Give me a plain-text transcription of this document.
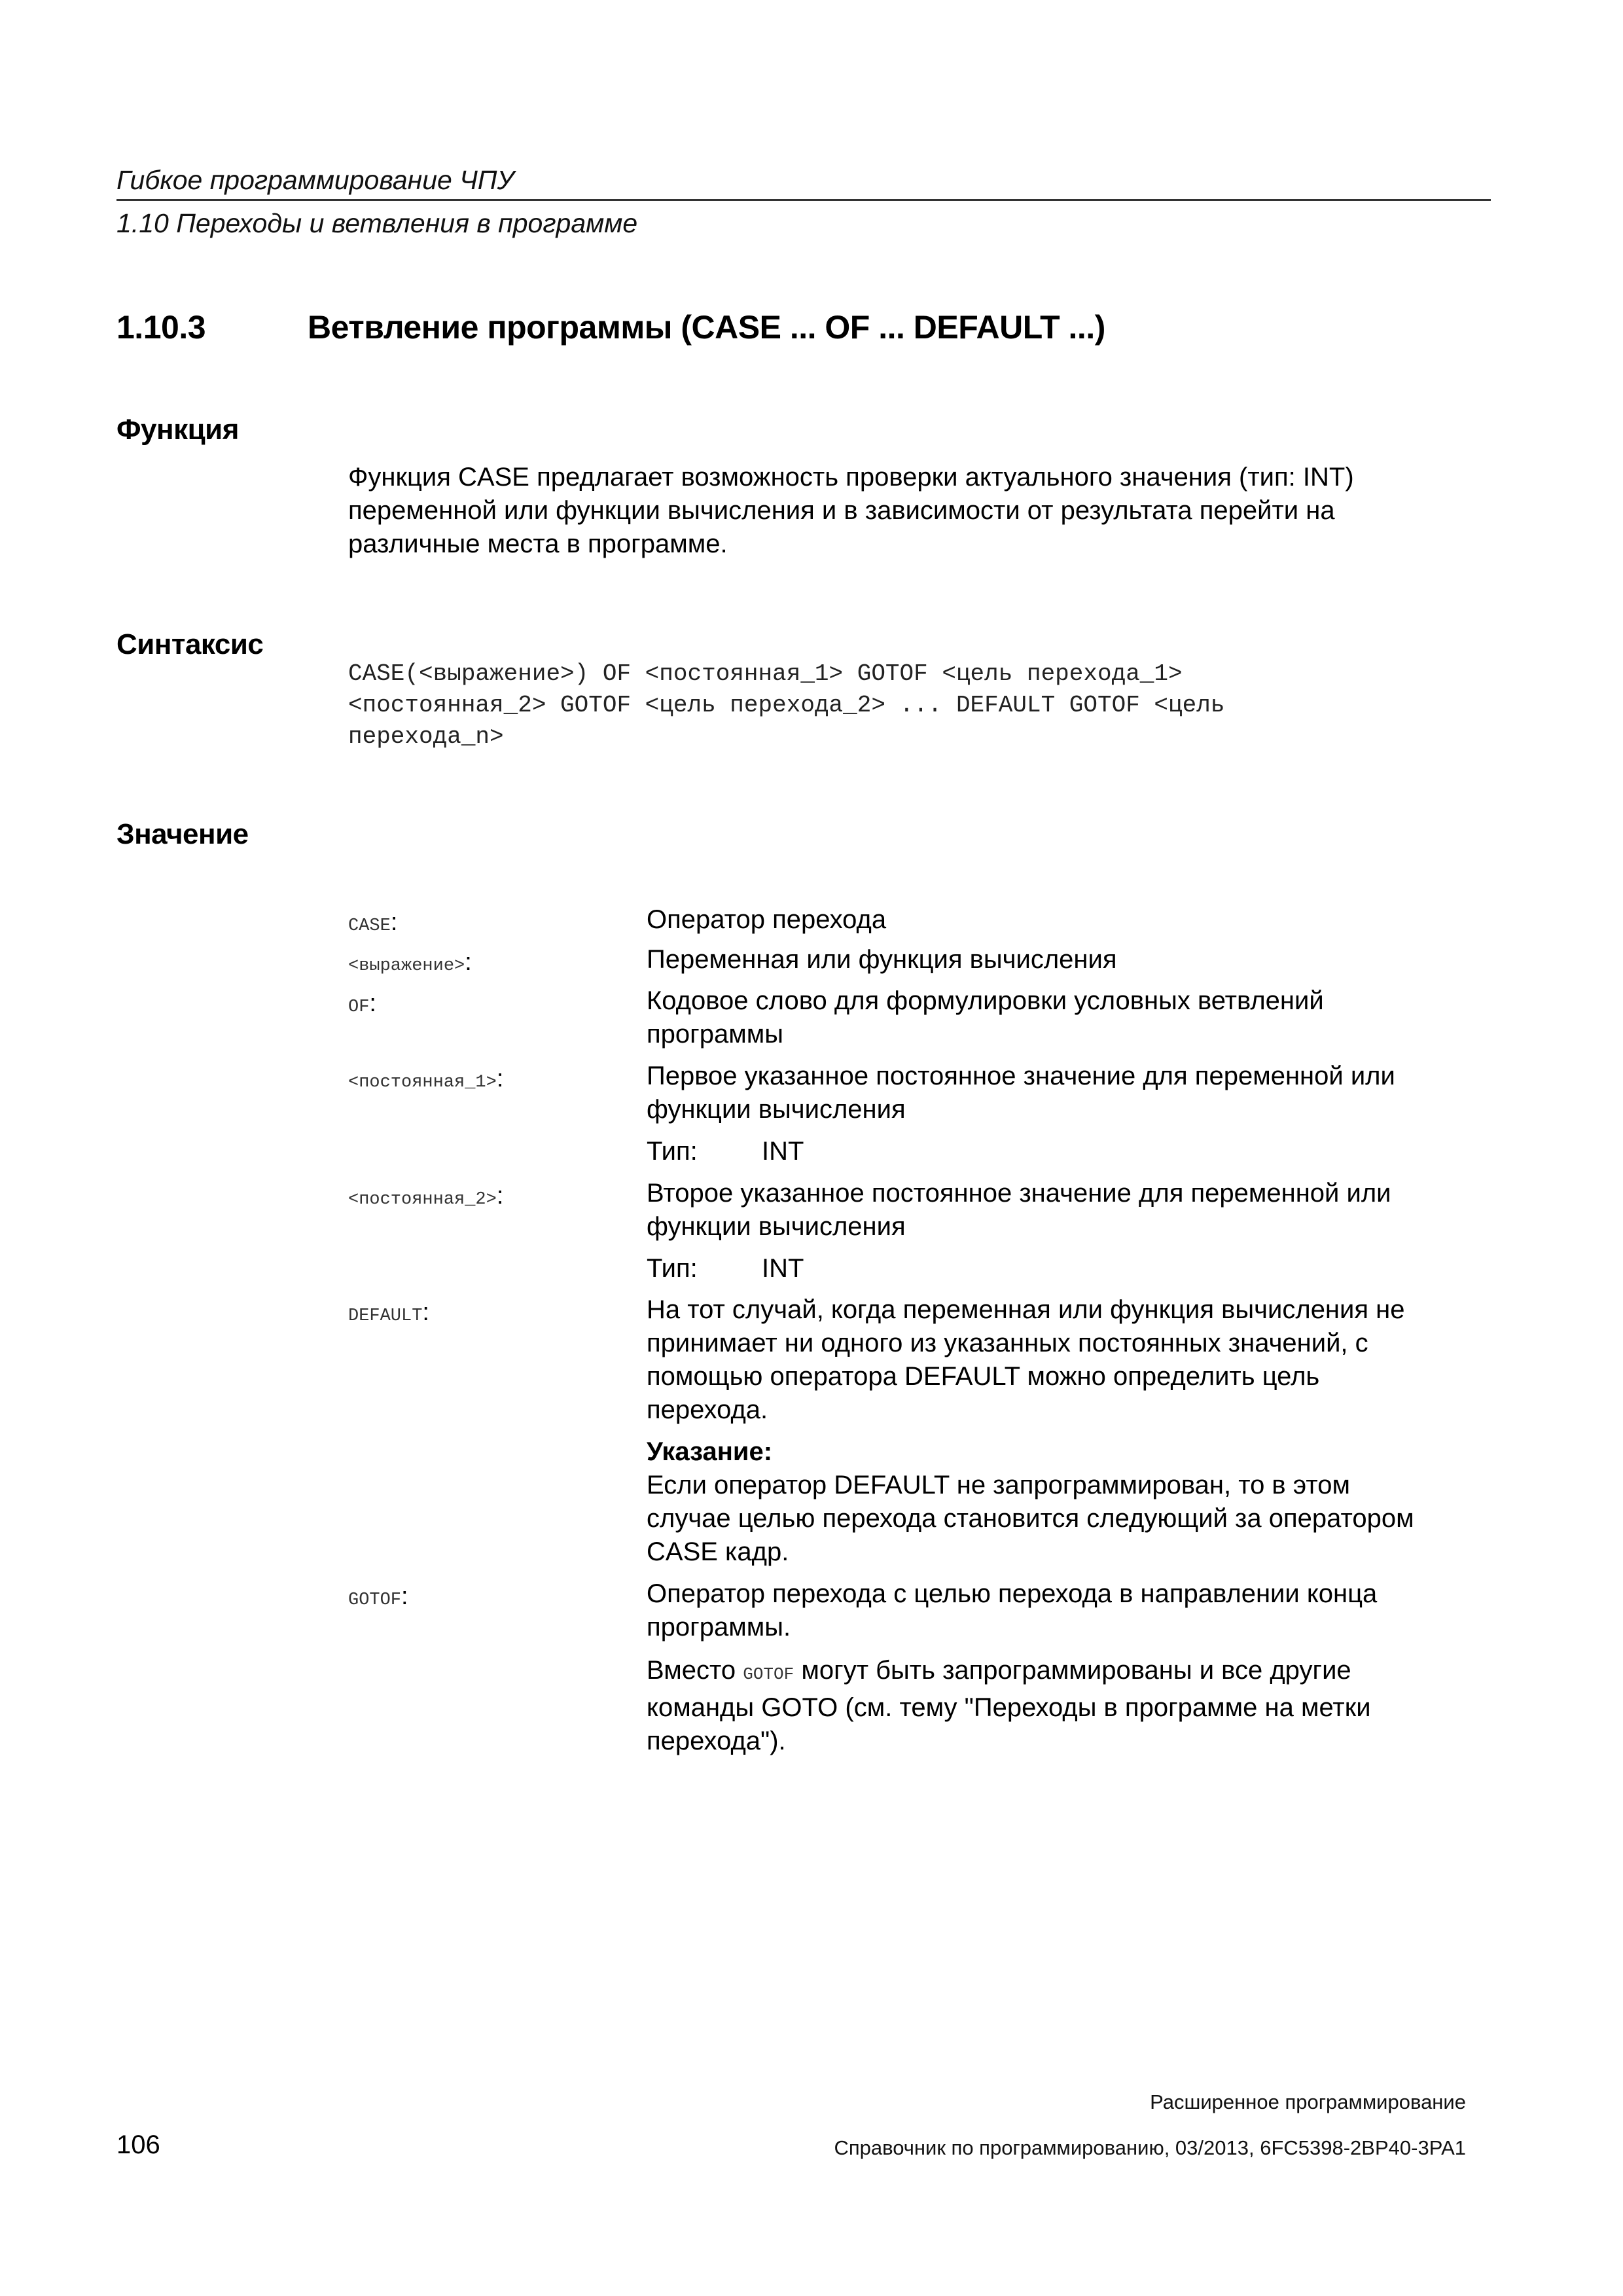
Гибкое программирование ЧПУ
1.10 Переходы и ветвления в программе
1.10.3	Ветвление программы (CASE ... OF ... DEFAULT ...)
Функция
Функция CASE предлагает возможность проверки актуального значения (тип: INT)
переменной или функции вычисления и в зависимости от результата перейти на
различные места в программе.
Синтаксис
CASE(<выражение>) OF <постоянная_1> GOTOF <цель перехода_1>
<постоянная_2> GOTOF <цель перехода_2> ... DEFAULT GOTOF <цель
перехода_n>
Значение
CASE:	Оператор перехода
<выражение>:	Переменная или функция вычисления
OF:	Кодовое слово для формулировки условных ветвлений
программы
<постоянная_1>:	Первое указанное постоянное значение для переменной или
функции вычисления
Тип: INT
<постоянная_2>:	Второе указанное постоянное значение для переменной или
функции вычисления
Тип: INT
DEFAULT:	На тот случай, когда переменная или функция вычисления не
принимает ни одного из указанных постоянных значений, с
помощью оператора DEFAULT можно определить цель
перехода.
Указание:
Если оператор DEFAULT не запрограммирован, то в этом
случае целью перехода становится следующий за оператором
CASE кадр.
GOTOF:	Оператор перехода с целью перехода в направлении конца
программы.
Вместо GOTOF могут быть запрограммированы и все другие
команды GOTO (см. тему "Переходы в программе на метки
перехода").
Расширенное программирование
106	Справочник по программированию, 03/2013, 6FC5398-2BP40-3PA1
